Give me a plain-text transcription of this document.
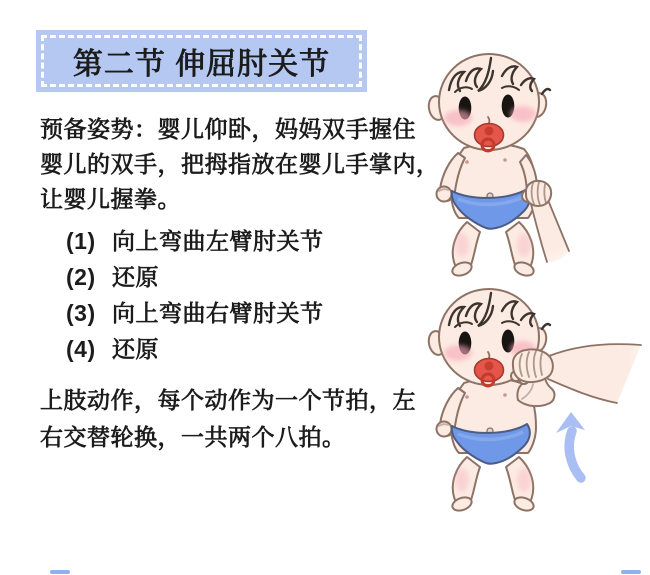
第二节 伸屈肘关节
预备姿势：婴儿仰卧，妈妈双手握住
婴儿的双手，把拇指放在婴儿手掌内，
让婴儿握拳。
(1) 向上弯曲左臂肘关节
(2) 还原
(3) 向上弯曲右臂肘关节
(4) 还原
上肢动作，每个动作为一个节拍，左
右交替轮换，一共两个八拍。
